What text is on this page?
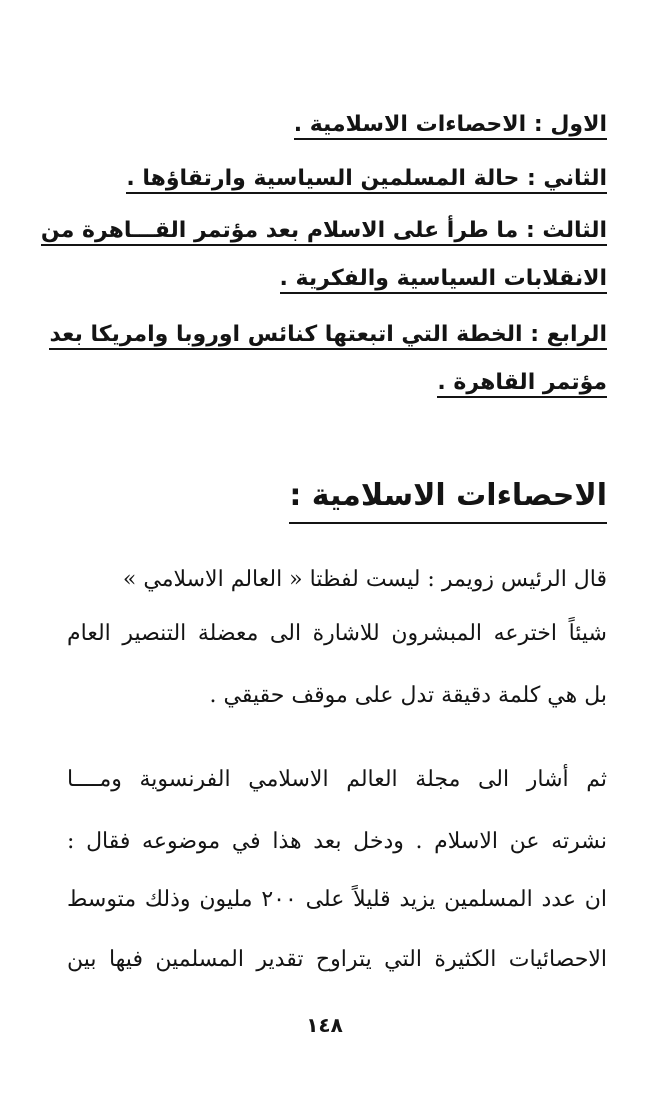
الاول : الاحصاءات الاسلامية .
الثاني : حالة المسلمين السياسية وارتقاؤها .
الثالث : ما طرأ على الاسلام بعد مؤتمر القـــاهرة من
الانقلابات السياسية والفكرية .
الرابع : الخطة التي اتبعتها كنائس اوروبا وامريكا بعد
مؤتمر القاهرة .
الاحصاءات الاسلامية :
قال الرئيس زويمر : ليست لفظتا « العالم الاسلامي »
شيئاً اخترعه المبشرون للاشارة الى معضلة التنصير العام
بل هي كلمة دقيقة تدل على موقف حقيقي .
ثم أشار الى مجلة العالم الاسلامي الفرنسوية ومــــا
نشرته عن الاسلام . ودخل بعد هذا في موضوعه فقال :
ان عدد المسلمين يزيد قليلاً على ٢٠٠ مليون وذلك متوسط
الاحصائيات الكثيرة التي يتراوح تقدير المسلمين فيها بين
١٤٨
